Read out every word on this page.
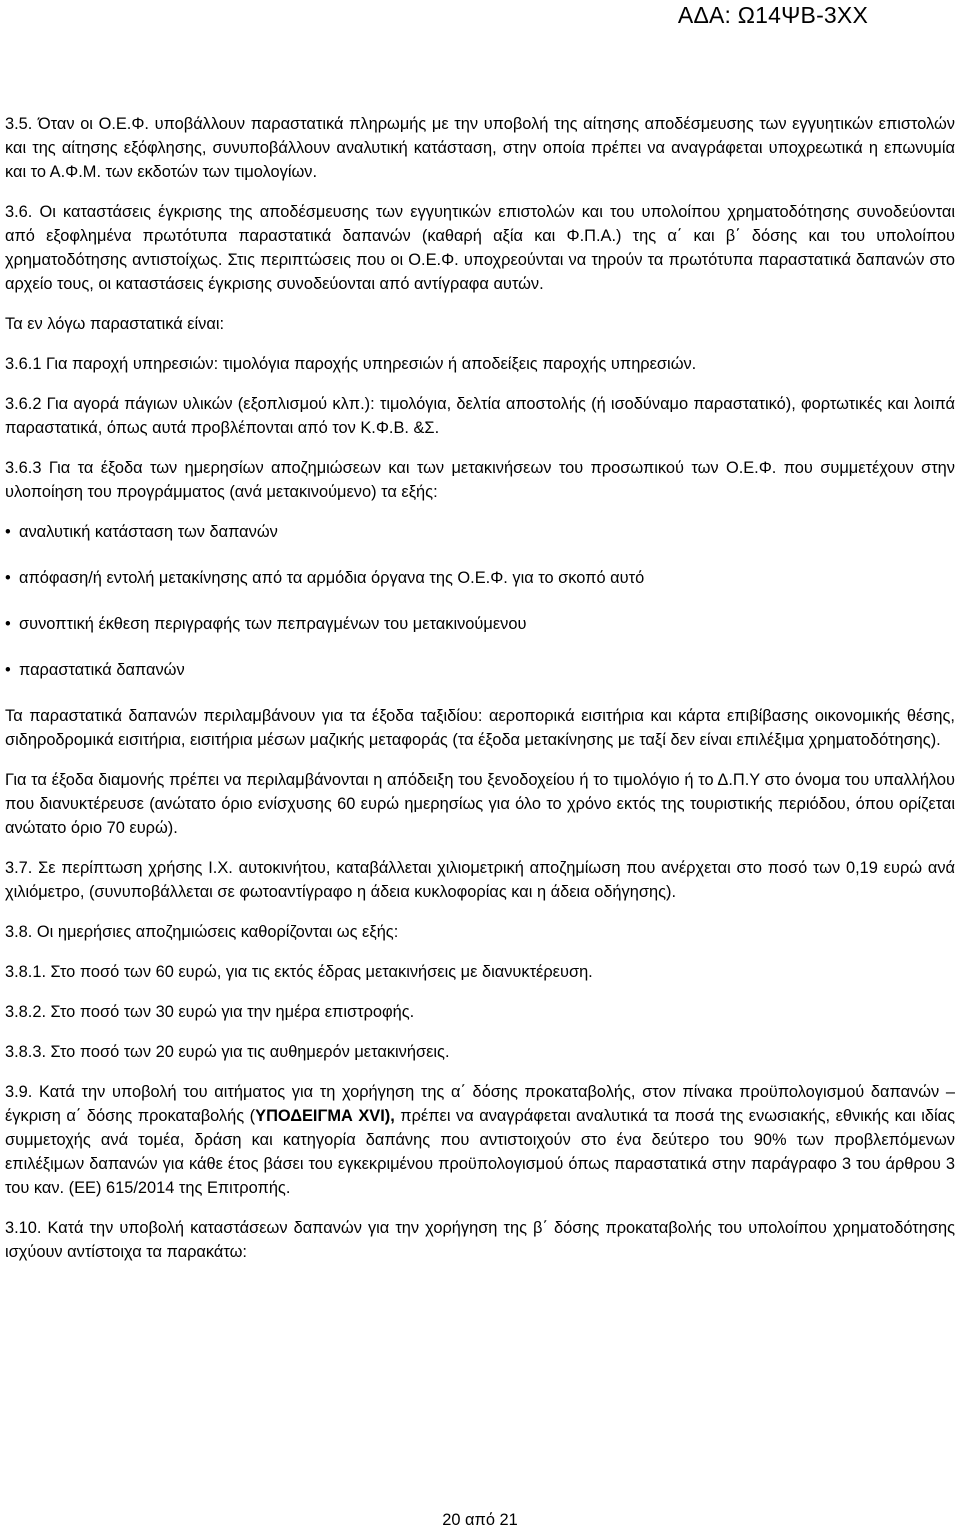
ΑΔΑ: Ω14ΨΒ-3ΧΧ

3.5. Όταν οι Ο.Ε.Φ. υποβάλλουν παραστατικά πληρωμής με την υποβολή της αίτησης αποδέσμευσης των εγγυητικών επιστολών και της αίτησης εξόφλησης, συνυποβάλλουν αναλυτική κατάσταση, στην οποία πρέπει να αναγράφεται υποχρεωτικά η επωνυμία και το Α.Φ.Μ. των εκδοτών των τιμολογίων.

3.6. Οι καταστάσεις έγκρισης της αποδέσμευσης των εγγυητικών επιστολών και του υπολοίπου χρηματοδότησης συνοδεύονται από εξοφλημένα πρωτότυπα παραστατικά δαπανών (καθαρή αξία και Φ.Π.Α.) της α΄ και β΄ δόσης και του υπολοίπου χρηματοδότησης αντιστοίχως. Στις περιπτώσεις που οι Ο.Ε.Φ. υποχρεούνται να τηρούν τα πρωτότυπα παραστατικά δαπανών στο αρχείο τους, οι καταστάσεις έγκρισης συνοδεύονται από αντίγραφα αυτών.

Τα εν λόγω παραστατικά είναι:

3.6.1 Για παροχή υπηρεσιών: τιμολόγια παροχής υπηρεσιών ή αποδείξεις παροχής υπηρεσιών.

3.6.2 Για αγορά πάγιων υλικών (εξοπλισμού κλπ.): τιμολόγια, δελτία αποστολής (ή ισοδύναμο παραστατικό), φορτωτικές και λοιπά παραστατικά, όπως αυτά προβλέπονται από τον Κ.Φ.Β. &Σ.

3.6.3 Για τα έξοδα των ημερησίων αποζημιώσεων και των μετακινήσεων του προσωπικού των Ο.Ε.Φ. που συμμετέχουν στην υλοποίηση του προγράμματος (ανά μετακινούμενο) τα εξής:

• αναλυτική κατάσταση των δαπανών
• απόφαση/ή εντολή μετακίνησης από τα αρμόδια όργανα της Ο.Ε.Φ. για το σκοπό αυτό
• συνοπτική έκθεση περιγραφής των πεπραγμένων του μετακινούμενου
• παραστατικά δαπανών

Τα παραστατικά δαπανών περιλαμβάνουν για τα έξοδα ταξιδίου: αεροπορικά εισιτήρια και κάρτα επιβίβασης οικονομικής θέσης, σιδηροδρομικά εισιτήρια, εισιτήρια μέσων μαζικής μεταφοράς (τα έξοδα μετακίνησης με ταξί δεν είναι επιλέξιμα χρηματοδότησης).

Για τα έξοδα διαμονής πρέπει να περιλαμβάνονται η απόδειξη του ξενοδοχείου ή το τιμολόγιο ή το Δ.Π.Υ στο όνομα του υπαλλήλου που διανυκτέρευσε (ανώτατο όριο ενίσχυσης 60 ευρώ ημερησίως για όλο το χρόνο εκτός της τουριστικής περιόδου, όπου ορίζεται ανώτατο όριο 70 ευρώ).

3.7. Σε περίπτωση χρήσης Ι.Χ. αυτοκινήτου, καταβάλλεται χιλιομετρική αποζημίωση που ανέρχεται στο ποσό των 0,19 ευρώ ανά χιλιόμετρο, (συνυποβάλλεται σε φωτοαντίγραφο η άδεια κυκλοφορίας και η άδεια οδήγησης).

3.8. Οι ημερήσιες αποζημιώσεις καθορίζονται ως εξής:

3.8.1. Στο ποσό των 60 ευρώ, για τις εκτός έδρας μετακινήσεις με διανυκτέρευση.

3.8.2. Στο ποσό των 30 ευρώ για την ημέρα επιστροφής.

3.8.3. Στο ποσό των 20 ευρώ για τις αυθημερόν μετακινήσεις.

3.9. Κατά την υποβολή του αιτήματος για τη χορήγηση της α΄ δόσης προκαταβολής, στον πίνακα προϋπολογισμού δαπανών – έγκριση α΄ δόσης προκαταβολής (ΥΠΟΔΕΙΓΜΑ XVI), πρέπει να αναγράφεται αναλυτικά τα ποσά της ενωσιακής, εθνικής και ιδίας συμμετοχής ανά τομέα, δράση και κατηγορία δαπάνης που αντιστοιχούν στο ένα δεύτερο του 90% των προβλεπόμενων επιλέξιμων δαπανών για κάθε έτος βάσει του εγκεκριμένου προϋπολογισμού όπως παραστατικά στην παράγραφο 3 του άρθρου 3 του καν. (ΕΕ) 615/2014 της Επιτροπής.

3.10. Κατά την υποβολή καταστάσεων δαπανών για την χορήγηση της β΄ δόσης προκαταβολής του υπολοίπου χρηματοδότησης ισχύουν αντίστοιχα τα παρακάτω:

20 από 21
